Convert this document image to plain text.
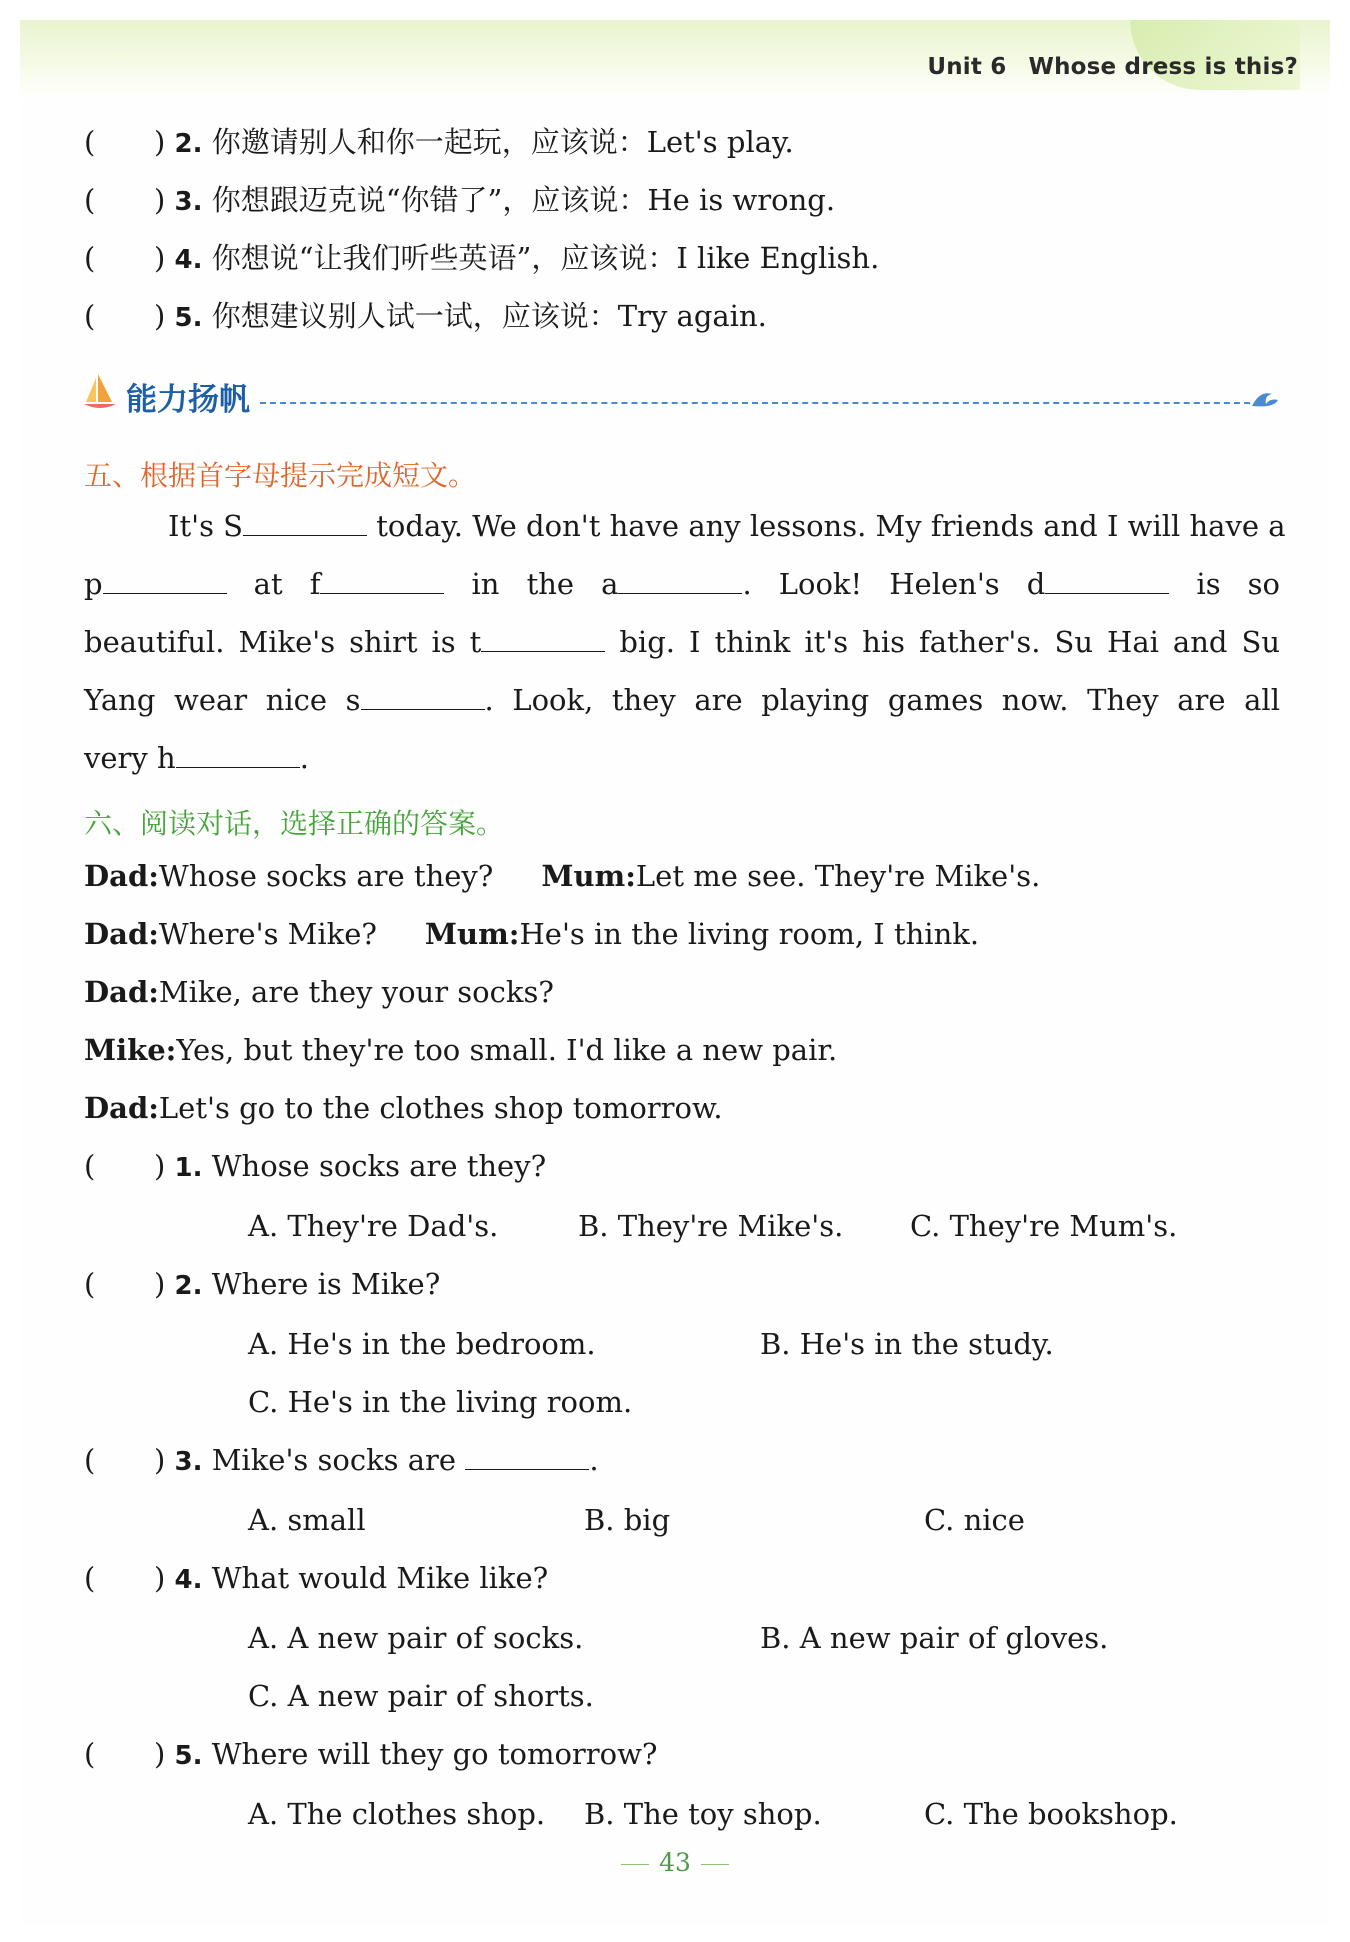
Unit 6 Whose dress is this?
( ) 2. 你邀请别人和你一起玩，应该说：Let's play.
( ) 3. 你想跟迈克说“你错了”，应该说：He is wrong.
( ) 4. 你想说“让我们听些英语”，应该说：I like English.
( ) 5. 你想建议别人试一试，应该说：Try again.
能力扬帆
五、根据首字母提示完成短文。
It's S	today. We don't have any lessons. My friends and I will have a
p	at f	in the a	. Look! Helen's d	is so
beautiful. Mike's shirt is t	big. I think it's his father's. Su Hai and Su
Yang wear nice s	. Look, they are playing games now. They are all
very h	.
六、阅读对话，选择正确的答案。
Dad:Whose socks are they? Mum:Let me see. They're Mike's.
Dad:Where's Mike? Mum:He's in the living room, I think.
Dad:Mike, are they your socks?
Mike:Yes, but they're too small. I'd like a new pair.
Dad:Let's go to the clothes shop tomorrow.
( ) 1. Whose socks are they?
A. They're Dad's.	B. They're Mike's. C. They're Mum's.
( ) 2. Where is Mike?
A. He's in the bedroom.	B. He's in the study.
C. He's in the living room.
( ) 3. Mike's socks are	.
A. small	B. big	C. nice
( ) 4. What would Mike like?
A. A new pair of socks.	B. A new pair of gloves.
C. A new pair of shorts.
( ) 5. Where will they go tomorrow?
A. The clothes shop. B. The toy shop.	C. The bookshop.
43
